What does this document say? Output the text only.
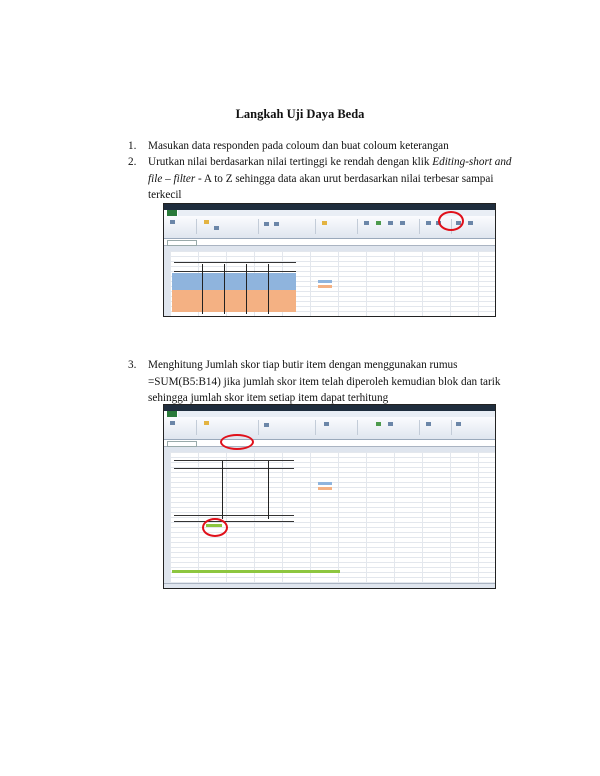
Langkah Uji Daya Beda
1. Masukan data responden pada coloum dan buat coloum keterangan
2. Urutkan nilai berdasarkan nilai tertinggi ke rendah dengan klik Editing-short and file – filter - A to Z sehingga data akan urut berdasarkan nilai terbesar sampai terkecil
3. Menghitung Jumlah skor tiap butir item dengan menggunakan rumus =SUM(B5:B14) jika jumlah skor item telah diperoleh kemudian blok dan tarik sehingga jumlah skor item setiap item dapat terhitung
